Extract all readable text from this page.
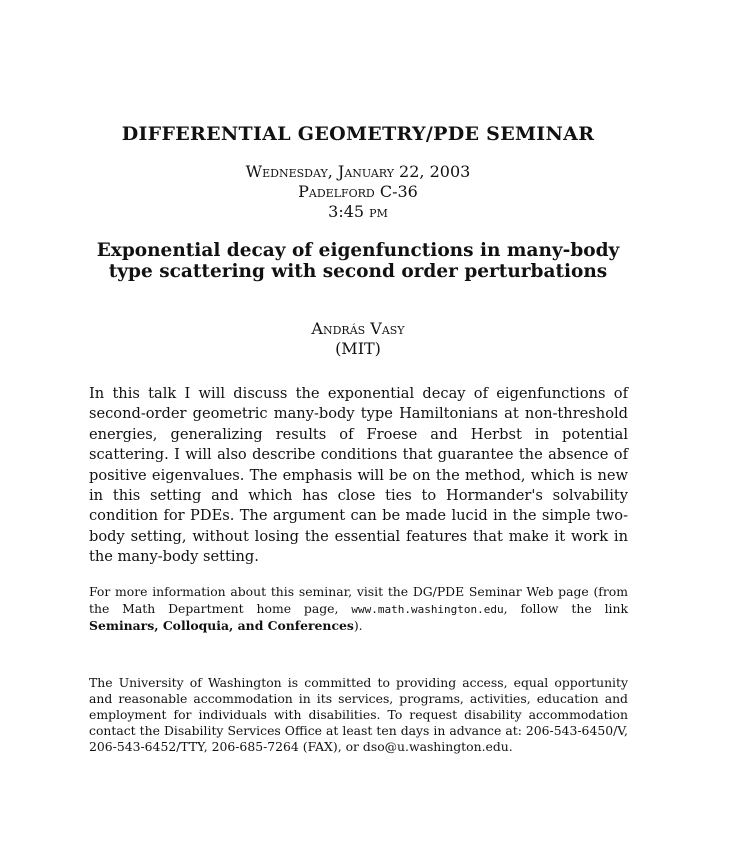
DIFFERENTIAL GEOMETRY/PDE SEMINAR
Wednesday, January 22, 2003
Padelford C-36
3:45 pm
Exponential decay of eigenfunctions in many-body
type scattering with second order perturbations
András Vasy
(MIT)

In this talk I will discuss the exponential decay of eigenfunctions of second-order geometric many-body type Hamiltonians at non-threshold energies, generalizing results of Froese and Herbst in potential scattering. I will also describe conditions that guarantee the absence of positive eigenvalues. The emphasis will be on the method, which is new in this setting and which has close ties to Hormander's solvability condition for PDEs. The argument can be made lucid in the simple two-body setting, without losing the essential features that make it work in the many-body setting.

For more information about this seminar, visit the DG/PDE Seminar Web page (from the Math Department home page, www.math.washington.edu, follow the link Seminars, Colloquia, and Conferences).

The University of Washington is committed to providing access, equal opportunity and reasonable accommodation in its services, programs, activities, education and employment for individuals with disabilities. To request disability accommodation contact the Disability Services Office at least ten days in advance at: 206-543-6450/V, 206-543-6452/TTY, 206-685-7264 (FAX), or dso@u.washington.edu.
